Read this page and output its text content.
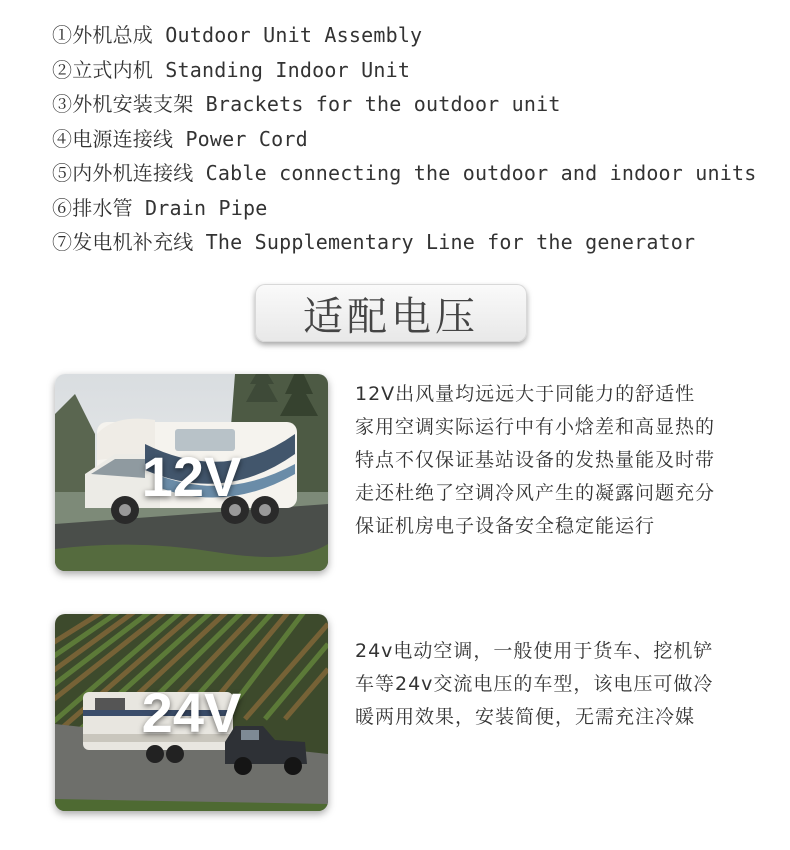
①外机总成 Outdoor Unit Assembly
②立式内机 Standing Indoor Unit
③外机安装支架 Brackets for the outdoor unit
④电源连接线 Power Cord
⑤内外机连接线 Cable connecting the outdoor and indoor units
⑥排水管 Drain Pipe
⑦发电机补充线 The Supplementary Line for the generator
适配电压
12V
12V出风量均远远大于同能力的舒适性家用空调实际运行中有小焓差和高显热的特点不仅保证基站设备的发热量能及时带走还杜绝了空调冷风产生的凝露问题充分保证机房电子设备安全稳定能运行
24V
24v电动空调，一般使用于货车、挖机铲车等24v交流电压的车型，该电压可做冷暖两用效果，安装简便，无需充注冷媒
